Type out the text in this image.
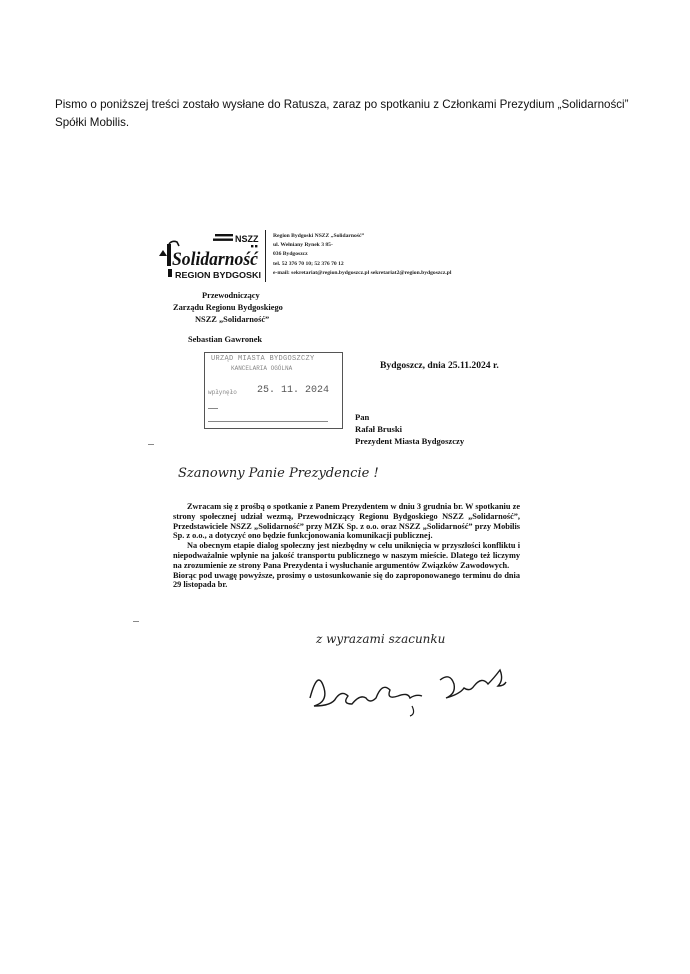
Pismo o poniższej treści zostało wysłane do Ratusza, zaraz po spotkaniu z Członkami Prezydium „Solidarności” Spółki Mobilis.
NSZZ
Solidarność
REGION BYDGOSKI
Region Bydgoski NSZZ „Solidarność”
ul. Wełniany Rynek 3 85-
036 Bydgoszcz
tel. 52 376 70 10; 52 376 70 12
e-mail: sekretariat@region.bydgoszcz.pl sekretariat2@region.bydgoszcz.pl
Przewodniczący
Zarządu Regionu Bydgoskiego
NSZZ „Solidarność”
Sebastian Gawronek
URZĄD MIASTA BYDGOSZCZY
KANCELARIA OGÓLNA
wpłynęło 25. 11. 2024
Bydgoszcz, dnia 25.11.2024 r.
Pan
Rafał Bruski
Prezydent Miasta Bydgoszczy
Szanowny Panie Prezydencie !

Zwracam się z prośbą o spotkanie z Panem Prezydentem w dniu 3 grudnia br. W spotkaniu ze strony społecznej udział wezmą, Przewodniczący Regionu Bydgoskiego NSZZ „Solidarność”, Przedstawiciele NSZZ „Solidarność” przy MZK Sp. z o.o. oraz NSZZ „Solidarność” przy Mobilis Sp. z o.o., a dotyczyć ono będzie funkcjonowania komunikacji publicznej.

Na obecnym etapie dialog społeczny jest niezbędny w celu uniknięcia w przyszłości konfliktu i niepodważalnie wpłynie na jakość transportu publicznego w naszym mieście. Dlatego też liczymy na zrozumienie ze strony Pana Prezydenta i wysłuchanie argumentów Związków Zawodowych.

Biorąc pod uwagę powyższe, prosimy o ustosunkowanie się do zaproponowanego terminu do dnia 29 listopada br.

z wyrazami szacunku
Sebastian Gawronek
